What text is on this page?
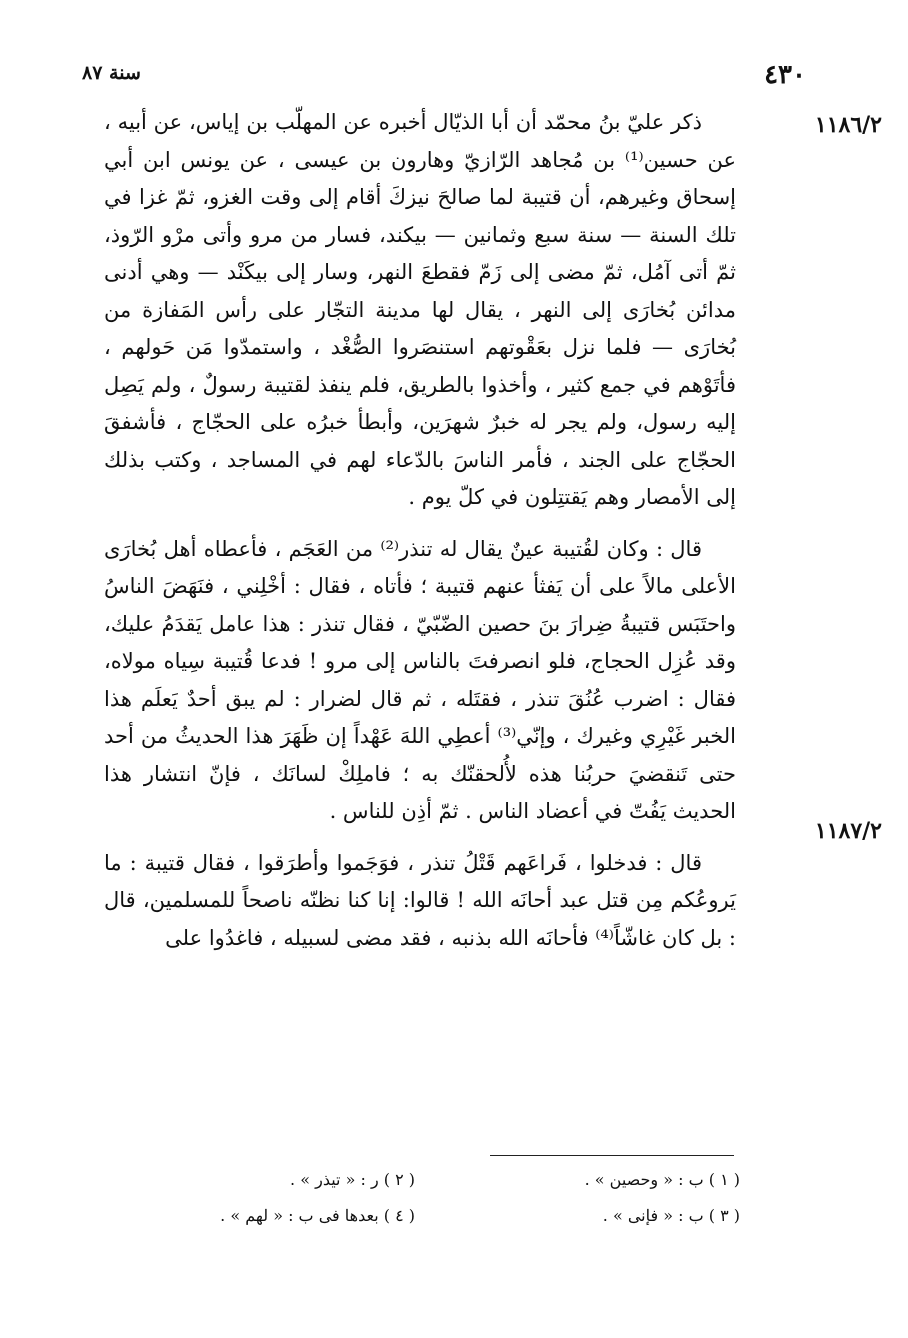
٤٣٠
سنة ٨٧
١١٨٦/٢
١١٨٧/٢

ذكر عليّ بنُ محمّد أن أبا الذيّال أخبره عن المهلّب بن إياس، عن أبيه ، عن حسين⁽¹⁾ بن مُجاهد الرّازيّ وهارون بن عيسى ، عن يونس ابن أبي إسحاق وغيرهم، أن قتيبة لما صالحَ نيزكَ أقام إلى وقت الغزو، ثمّ غزا في تلك السنة — سنة سبع وثمانين — بيكند، فسار من مرو وأتى مرْو الرّوذ، ثمّ أتى آمُل، ثمّ مضى إلى زَمّ فقطعَ النهر، وسار إلى بيكَنْد — وهي أدنى مدائن بُخارَى إلى النهر ، يقال لها مدينة التجّار على رأس المَفازة من بُخارَى — فلما نزل بعَقْوتهم استنصَروا الصُّغْد ، واستمدّوا مَن حَولهم ، فأتَوْهم في جمع كثير ، وأخذوا بالطريق، فلم ينفذ لقتيبة رسولٌ ، ولم يَصِل إليه رسول، ولم يجر له خبرٌ شهرَين، وأبطأ خبرُه على الحجّاج ، فأشفقَ الحجّاج على الجند ، فأمر الناسَ بالدّعاء لهم في المساجد ، وكتب بذلك إلى الأمصار وهم يَقتتِلون في كلّ يوم .

قال : وكان لقُتيبة عينٌ يقال له تنذر⁽²⁾ من العَجَم ، فأعطاه أهل بُخارَى الأعلى مالاً على أن يَفثأ عنهم قتيبة ؛ فأتاه ، فقال : أخْلِني ، فنَهَضَ الناسُ واحتَبَس قتيبةُ ضِرارَ بنَ حصين الضّبّيّ ، فقال تنذر : هذا عامل يَقدَمُ عليك، وقد عُزِل الحجاج، فلو انصرفتَ بالناس إلى مرو ! فدعا قُتيبة سِياه مولاه، فقال : اضرب عُنُقَ تنذر ، فقتَله ، ثم قال لضرار : لم يبق أحدٌ يَعلَم هذا الخبر غَيْرِي وغيرك ، وإنّي⁽³⁾ أعطِي اللهَ عَهْداً إن ظَهَرَ هذا الحديثُ من أحد حتى تَنقضيَ حربُنا هذه لأُلحقنّك به ؛ فاملِكْ لسانَك ، فإنّ انتشار هذا الحديث يَفُتّ في أعضاد الناس . ثمّ أذِن للناس .

قال : فدخلوا ، فَراعَهم قَتْلُ تنذر ، فوَجَموا وأطرَقوا ، فقال قتيبة : ما يَروعُكم مِن قتل عبد أحانَه الله ! قالوا: إنا كنا نظنّه ناصحاً للمسلمين، قال : بل كان غاشّاً⁽⁴⁾ فأحانَه الله بذنبه ، فقد مضى لسبيله ، فاغدُوا على

( ١ ) ب : « وحصين » .
( ٢ ) ر : « تيذر » .
( ٣ ) ب : « فإنى » .
( ٤ ) بعدها فى ب : « لهم » .
